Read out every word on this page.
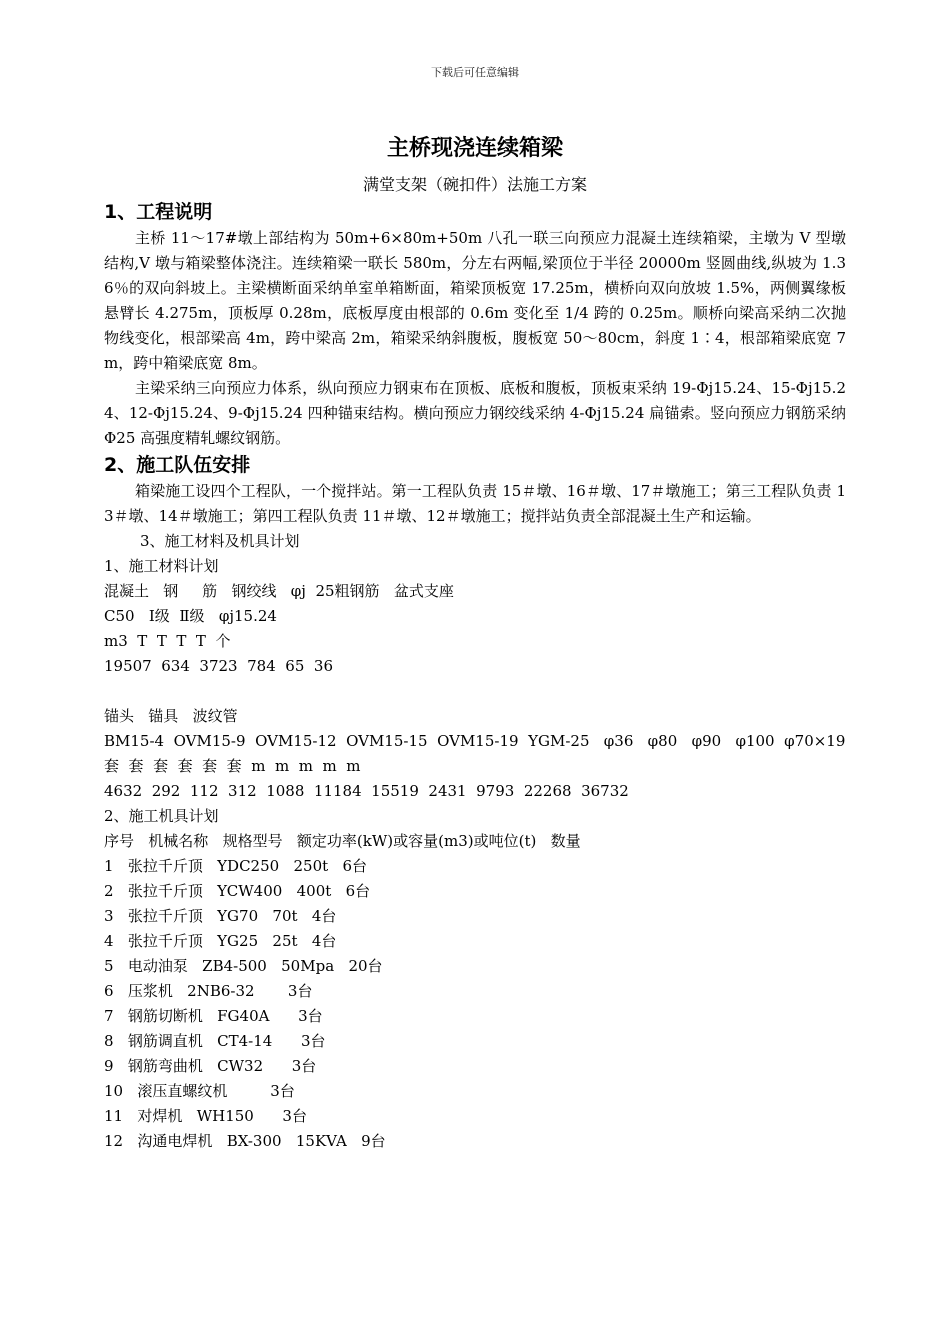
下载后可任意编辑
主桥现浇连续箱梁
满堂支架（碗扣件）法施工方案

1、工程说明

主桥 11～17#墩上部结构为 50m+6×80m+50m 八孔一联三向预应力混凝土连续箱梁，主墩为 V 型墩结构,V 墩与箱梁整体浇注。连续箱梁一联长 580m，分左右两幅,梁顶位于半径 20000m 竖圆曲线,纵坡为 1.36％的双向斜坡上。主梁横断面采纳单室单箱断面，箱梁顶板宽 17.25m，横桥向双向放坡 1.5%，两侧翼缘板悬臂长 4.275m，顶板厚 0.28m，底板厚度由根部的 0.6m 变化至 1/4 跨的 0.25m。顺桥向梁高采纳二次抛物线变化，根部梁高 4m，跨中梁高 2m，箱梁采纳斜腹板，腹板宽 50～80cm，斜度 1∶4，根部箱梁底宽 7m，跨中箱梁底宽 8m。

主梁采纳三向预应力体系，纵向预应力钢束布在顶板、底板和腹板，顶板束采纳 19-Φj15.24、15-Φj15.24、12-Φj15.24、9-Φj15.24 四种锚束结构。横向预应力钢绞线采纳 4-Φj15.24 扁锚索。竖向预应力钢筋采纳 Φ25 高强度精轧螺纹钢筋。

2、施工队伍安排

箱梁施工设四个工程队，一个搅拌站。第一工程队负责 15＃墩、16＃墩、17＃墩施工；第三工程队负责 13＃墩、14＃墩施工；第四工程队负责 11＃墩、12＃墩施工；搅拌站负责全部混凝土生产和运输。

3、施工材料及机具计划

1、施工材料计划

混凝土   钢     筋   钢绞线   φj  25粗钢筋   盆式支座

C50   Ⅰ级  Ⅱ级   φj15.24

m3  T  T  T  T  个

19507  634  3723  784  65  36

锚头   锚具   波纹管

BM15-4  OVM15-9  OVM15-12  OVM15-15  OVM15-19  YGM-25   φ36   φ80   φ90   φ100  φ70×19

套  套  套  套  套  套  m  m  m  m  m

4632  292  112  312  1088  11184  15519  2431  9793  22268  36732

2、施工机具计划

序号   机械名称   规格型号   额定功率(kW)或容量(m3)或吨位(t)   数量

1   张拉千斤顶   YDC250   250t   6台

2   张拉千斤顶   YCW400   400t   6台

3   张拉千斤顶   YG70   70t   4台

4   张拉千斤顶   YG25   25t   4台

5   电动油泵   ZB4-500   50Mpa   20台

6   压浆机   2NB6-32       3台

7   钢筋切断机   FG40A      3台

8   钢筋调直机   CT4-14      3台

9   钢筋弯曲机   CW32      3台

10   滚压直螺纹机         3台

11   对焊机   WH150      3台

12   沟通电焊机   BX-300   15KVA   9台
